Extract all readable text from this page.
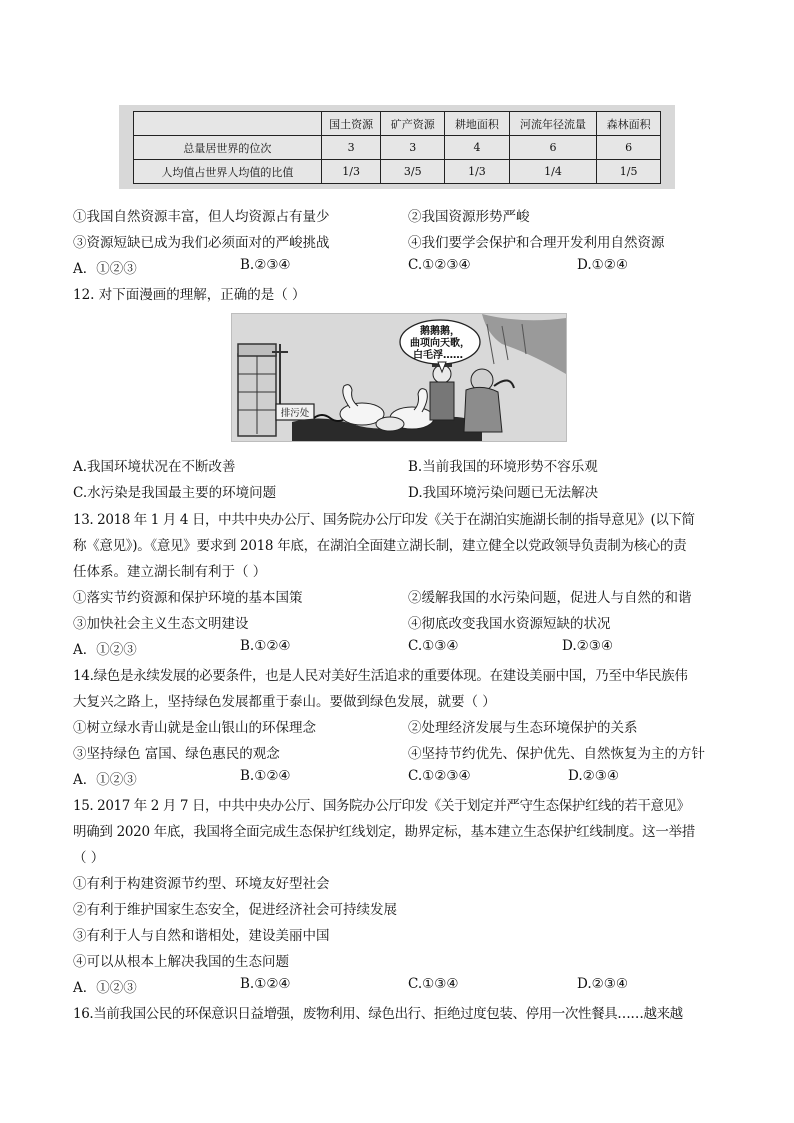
	国土资源	矿产资源	耕地面积	河流年径流量	森林面积
总量居世界的位次	3	3	4	6	6
人均值占世界人均值的比值	1/3	3/5	1/3	1/4	1/5
①我国自然资源丰富，但人均资源占有量少	②我国资源形势严峻
③资源短缺已成为我们必须面对的严峻挑战	④我们要学会保护和合理开发利用自然资源
A．①②③	B.②③④	C.①②③④	D.①②④
12. 对下面漫画的理解，正确的是（ ）
排污处
鹅鹅鹅，
曲项向天歌，
白毛浮……
A.我国环境状况在不断改善	B.当前我国的环境形势不容乐观
C.水污染是我国最主要的环境问题	D.我国环境污染问题已无法解决
13. 2018 年 1 月 4 日，中共中央办公厅、国务院办公厅印发《关于在湖泊实施湖长制的指导意见》(以下简
称《意见》)。《意见》要求到 2018 年底，在湖泊全面建立湖长制，建立健全以党政领导负责制为核心的责
任体系。建立湖长制有利于（ ）
①落实节约资源和保护环境的基本国策	②缓解我国的水污染问题，促进人与自然的和谐
③加快社会主义生态文明建设	④彻底改变我国水资源短缺的状况
A．①②③	B.①②④	C.①③④	D.②③④
14.绿色是永续发展的必要条件，也是人民对美好生活追求的重要体现。在建设美丽中国，乃至中华民族伟
大复兴之路上，坚持绿色发展都重于泰山。要做到绿色发展，就要（ ）
①树立绿水青山就是金山银山的环保理念	②处理经济发展与生态环境保护的关系
③坚持绿色 富国、绿色惠民的观念	④坚持节约优先、保护优先、自然恢复为主的方针
A．①②③	B.①②④	C.①②③④	D.②③④
15. 2017 年 2 月 7 日，中共中央办公厅、国务院办公厅印发《关于划定并严守生态保护红线的若干意见》
明确到 2020 年底，我国将全面完成生态保护红线划定，勘界定标，基本建立生态保护红线制度。这一举措
（ ）
①有利于构建资源节约型、环境友好型社会
②有利于维护国家生态安全，促进经济社会可持续发展
③有利于人与自然和谐相处，建设美丽中国
④可以从根本上解决我国的生态问题
A．①②③	B.①②④	C.①③④	D.②③④
16.当前我国公民的环保意识日益增强，废物利用、绿色出行、拒绝过度包装、停用一次性餐具……越来越
